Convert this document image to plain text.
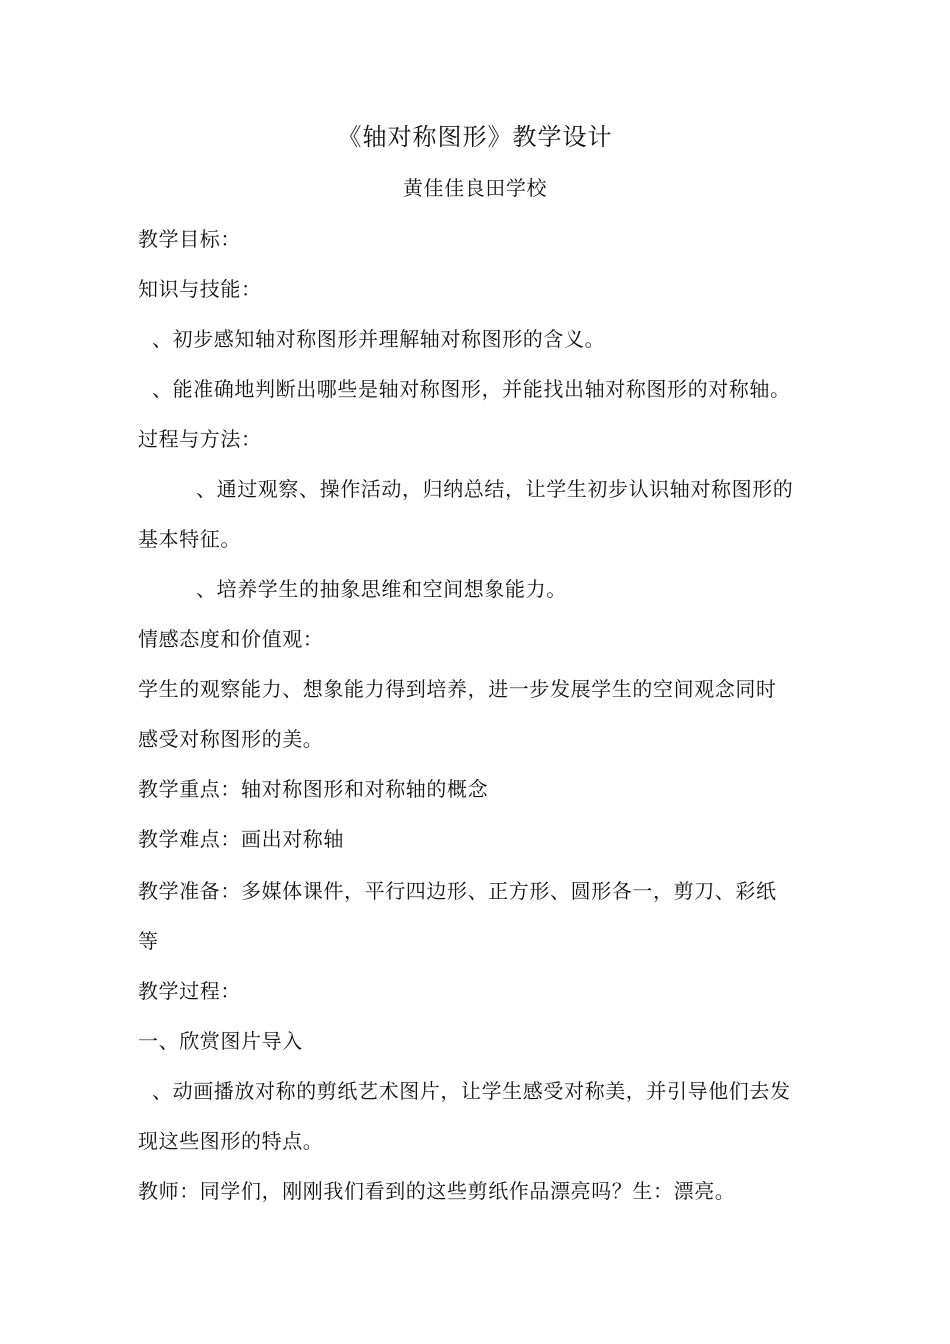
《轴对称图形》教学设计
黄佳佳良田学校
教学目标：
知识与技能：
、初步感知轴对称图形并理解轴对称图形的含义。
、能准确地判断出哪些是轴对称图形，并能找出轴对称图形的对称轴。
过程与方法：
、通过观察、操作活动，归纳总结，让学生初步认识轴对称图形的
基本特征。
、培养学生的抽象思维和空间想象能力。
情感态度和价值观：
学生的观察能力、想象能力得到培养，进一步发展学生的空间观念同时
感受对称图形的美。
教学重点：轴对称图形和对称轴的概念
教学难点：画出对称轴
教学准备：多媒体课件，平行四边形、正方形、圆形各一，剪刀、彩纸
等
教学过程：
一、欣赏图片导入
、动画播放对称的剪纸艺术图片，让学生感受对称美，并引导他们去发
现这些图形的特点。
教师：同学们，刚刚我们看到的这些剪纸作品漂亮吗？生：漂亮。
